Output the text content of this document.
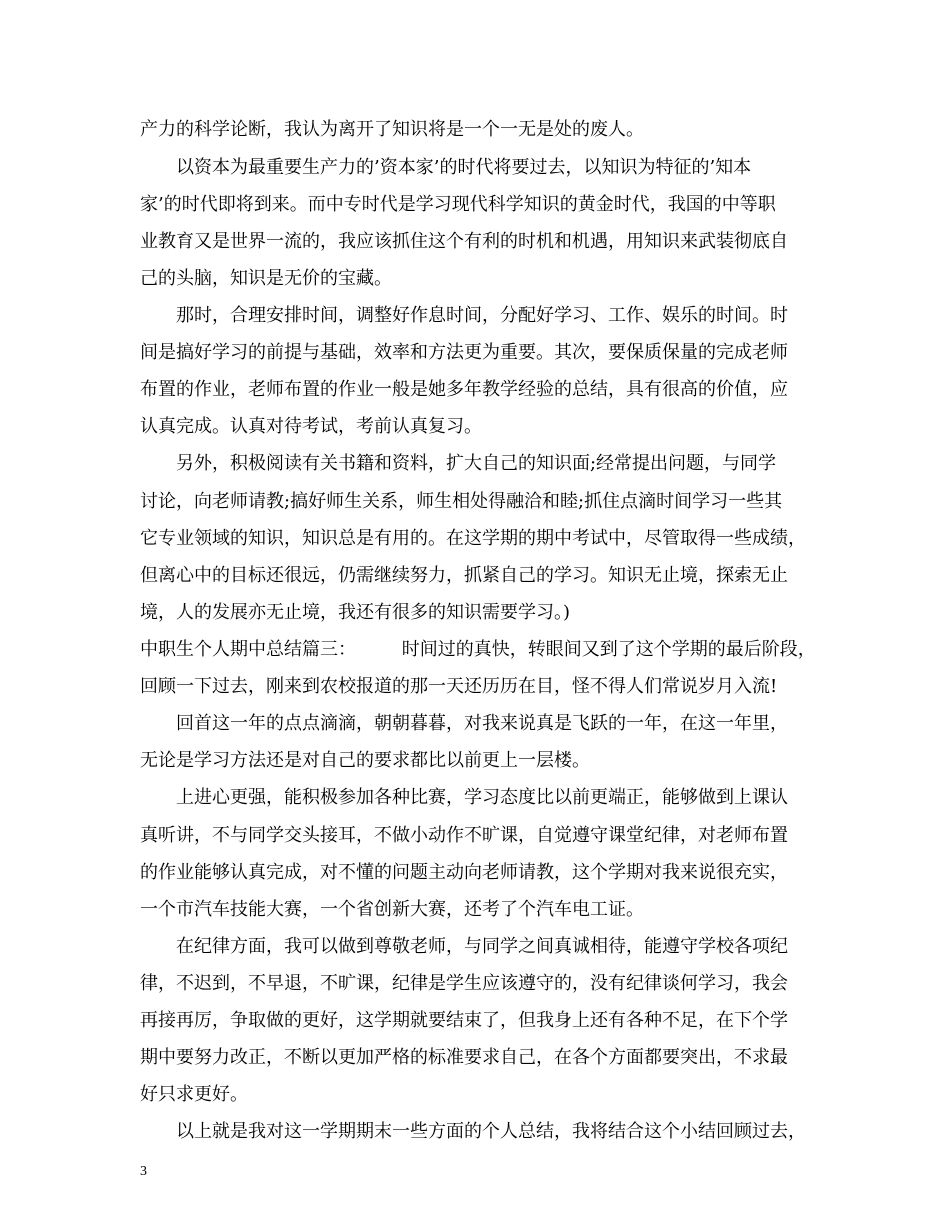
产力的科学论断，我认为离开了知识将是一个一无是处的废人。
以资本为最重要生产力的’资本家’的时代将要过去，以知识为特征的’知本
家’的时代即将到来。而中专时代是学习现代科学知识的黄金时代，我国的中等职
业教育又是世界一流的，我应该抓住这个有利的时机和机遇，用知识来武装彻底自
己的头脑，知识是无价的宝藏。
那时，合理安排时间，调整好作息时间，分配好学习、工作、娱乐的时间。时
间是搞好学习的前提与基础，效率和方法更为重要。其次，要保质保量的完成老师
布置的作业，老师布置的作业一般是她多年教学经验的总结，具有很高的价值，应
认真完成。认真对待考试，考前认真复习。
另外，积极阅读有关书籍和资料，扩大自己的知识面;经常提出问题，与同学
讨论，向老师请教;搞好师生关系，师生相处得融洽和睦;抓住点滴时间学习一些其
它专业领域的知识，知识总是有用的。在这学期的期中考试中，尽管取得一些成绩，
但离心中的目标还很远，仍需继续努力，抓紧自己的学习。知识无止境，探索无止
境，人的发展亦无止境，我还有很多的知识需要学习。)
中职生个人期中总结篇三：        时间过的真快，转眼间又到了这个学期的最后阶段，
回顾一下过去，刚来到农校报道的那一天还历历在目，怪不得人们常说岁月入流!
回首这一年的点点滴滴，朝朝暮暮，对我来说真是飞跃的一年，在这一年里，
无论是学习方法还是对自己的要求都比以前更上一层楼。
上进心更强，能积极参加各种比赛，学习态度比以前更端正，能够做到上课认
真听讲，不与同学交头接耳，不做小动作不旷课，自觉遵守课堂纪律，对老师布置
的作业能够认真完成，对不懂的问题主动向老师请教，这个学期对我来说很充实，
一个市汽车技能大赛，一个省创新大赛，还考了个汽车电工证。
在纪律方面，我可以做到尊敬老师，与同学之间真诚相待，能遵守学校各项纪
律，不迟到，不早退，不旷课，纪律是学生应该遵守的，没有纪律谈何学习，我会
再接再厉，争取做的更好，这学期就要结束了，但我身上还有各种不足，在下个学
期中要努力改正，不断以更加严格的标准要求自己，在各个方面都要突出，不求最
好只求更好。
以上就是我对这一学期期末一些方面的个人总结，我将结合这个小结回顾过去，
3
